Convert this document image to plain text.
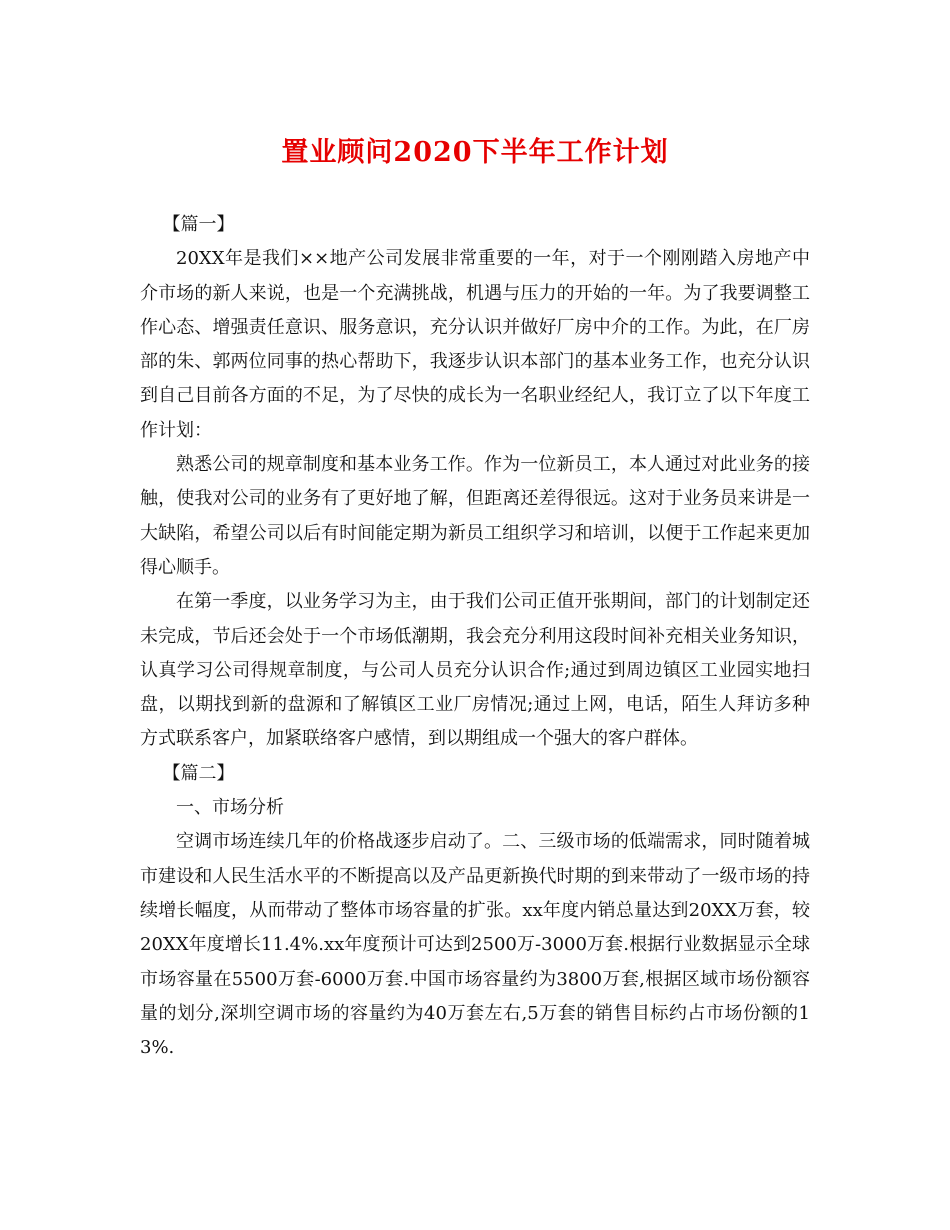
置业顾问2020下半年工作计划

【篇一】

20XX年是我们××地产公司发展非常重要的一年，对于一个刚刚踏入房地产中介市场的新人来说，也是一个充满挑战，机遇与压力的开始的一年。为了我要调整工作心态、增强责任意识、服务意识，充分认识并做好厂房中介的工作。为此，在厂房部的朱、郭两位同事的热心帮助下，我逐步认识本部门的基本业务工作，也充分认识到自己目前各方面的不足，为了尽快的成长为一名职业经纪人，我订立了以下年度工作计划：

熟悉公司的规章制度和基本业务工作。作为一位新员工，本人通过对此业务的接触，使我对公司的业务有了更好地了解，但距离还差得很远。这对于业务员来讲是一大缺陷，希望公司以后有时间能定期为新员工组织学习和培训，以便于工作起来更加得心顺手。

在第一季度，以业务学习为主，由于我们公司正值开张期间，部门的计划制定还未完成，节后还会处于一个市场低潮期，我会充分利用这段时间补充相关业务知识，认真学习公司得规章制度，与公司人员充分认识合作;通过到周边镇区工业园实地扫盘，以期找到新的盘源和了解镇区工业厂房情况;通过上网，电话，陌生人拜访多种方式联系客户，加紧联络客户感情，到以期组成一个强大的客户群体。

【篇二】

一、市场分析

空调市场连续几年的价格战逐步启动了。二、三级市场的低端需求，同时随着城市建设和人民生活水平的不断提高以及产品更新换代时期的到来带动了一级市场的持续增长幅度，从而带动了整体市场容量的扩张。xx年度内销总量达到20XX万套，较20XX年度增长11.4%.xx年度预计可达到2500万-3000万套.根据行业数据显示全球市场容量在5500万套-6000万套.中国市场容量约为3800万套,根据区域市场份额容量的划分,深圳空调市场的容量约为40万套左右,5万套的销售目标约占市场份额的13%.
